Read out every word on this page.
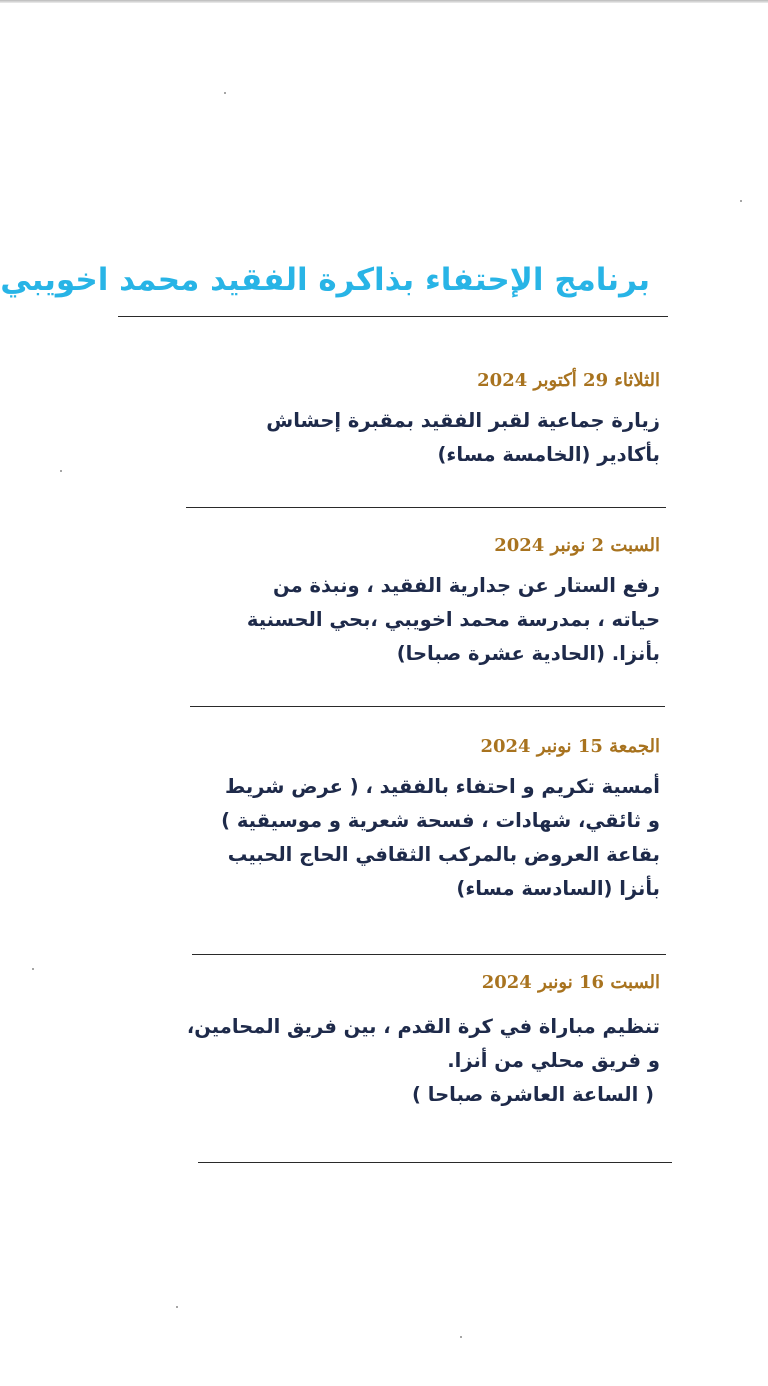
برنامج الإحتفاء بذاكرة الفقيد محمد اخويبي
الثلاثاء 29 أكتوبر 2024
زيارة جماعية لقبر الفقيد بمقبرة إحشاش
بأكادير (الخامسة مساء)
السبت 2 نونبر 2024
رفع الستار عن جدارية الفقيد ، ونبذة من
حياته ، بمدرسة محمد اخويبي ،بحي الحسنية
بأنزا. (الحادية عشرة صباحا)
الجمعة 15 نونبر 2024
أمسية تكريم و احتفاء بالفقيد ، ( عرض شريط
و ثائقي، شهادات ، فسحة شعرية و موسيقية )
بقاعة العروض بالمركب الثقافي الحاج الحبيب
بأنزا (السادسة مساء)
السبت 16 نونبر 2024
تنظيم مباراة في كرة القدم ، بين فريق المحامين،
و فريق محلي من أنزا.
( الساعة العاشرة صباحا )
